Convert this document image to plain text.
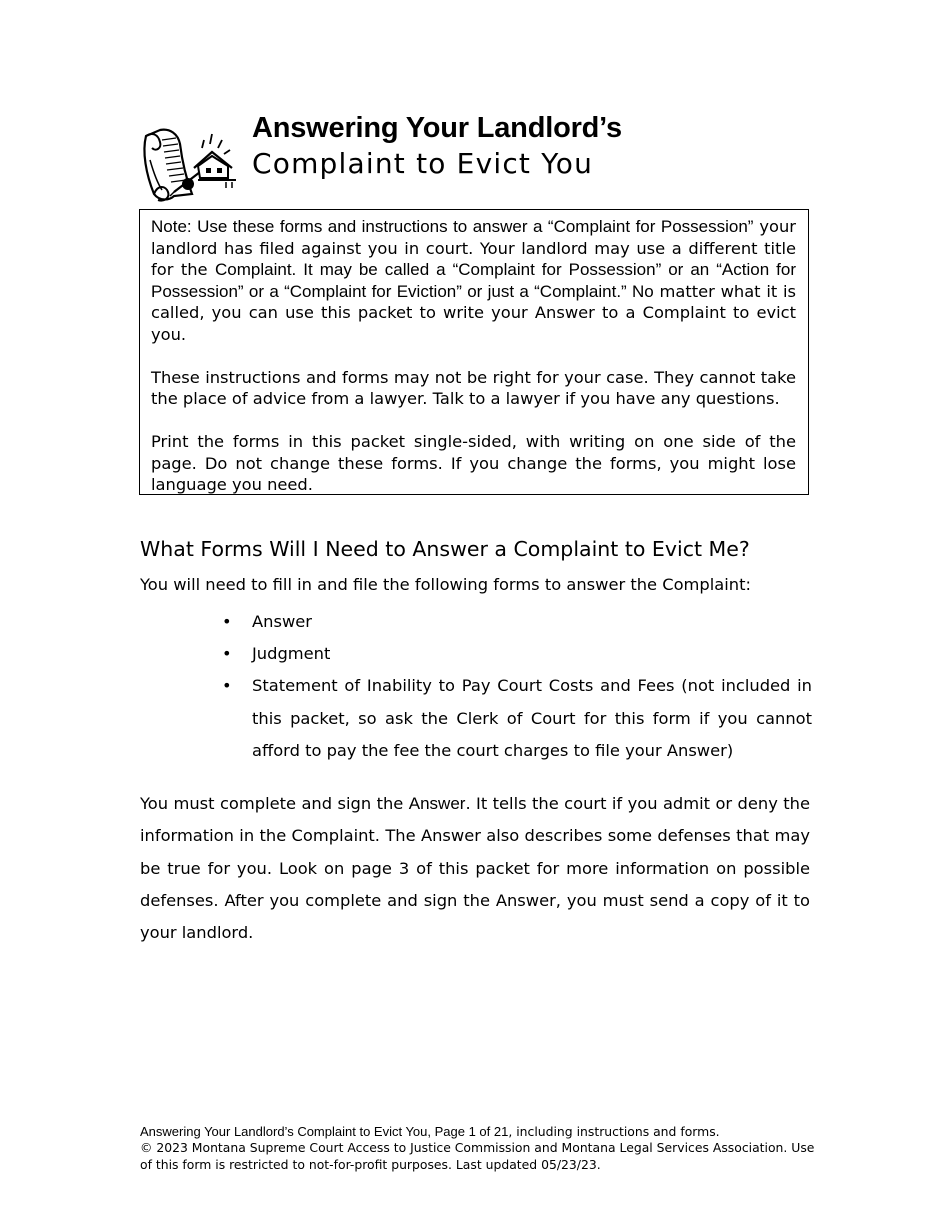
Answering Your Landlord’s
Complaint to Evict You

Note: Use these forms and instructions to answer a “Complaint for Possession” your landlord has filed against you in court. Your landlord may use a different title for the Complaint. It may be called a “Complaint for Possession” or an “Action for Possession” or a “Complaint for Eviction” or just a “Complaint.” No matter what it is called, you can use this packet to write your Answer to a Complaint to evict you.

These instructions and forms may not be right for your case. They cannot take the place of advice from a lawyer. Talk to a lawyer if you have any questions.

Print the forms in this packet single-sided, with writing on one side of the page. Do not change these forms. If you change the forms, you might lose language you need.

What Forms Will I Need to Answer a Complaint to Evict Me?
You will need to fill in and file the following forms to answer the Complaint:
• Answer
• Judgment
• Statement of Inability to Pay Court Costs and Fees (not included in this packet, so ask the Clerk of Court for this form if you cannot afford to pay the fee the court charges to file your Answer)

You must complete and sign the Answer. It tells the court if you admit or deny the information in the Complaint. The Answer also describes some defenses that may be true for you. Look on page 3 of this packet for more information on possible defenses. After you complete and sign the Answer, you must send a copy of it to your landlord.

Answering Your Landlord’s Complaint to Evict You, Page 1 of 21, including instructions and forms.
© 2023 Montana Supreme Court Access to Justice Commission and Montana Legal Services Association. Use of this form is restricted to not-for-profit purposes. Last updated 05/23/23.
